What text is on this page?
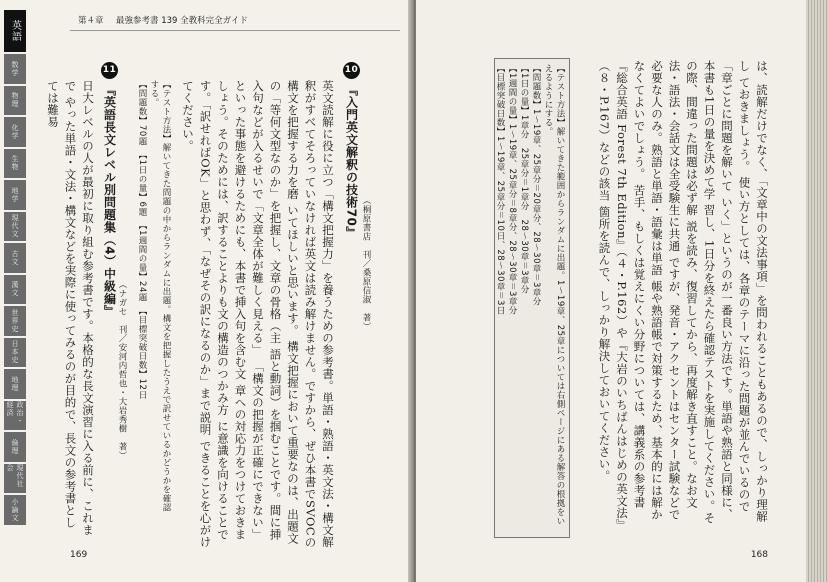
英語
数学
物理
化学
生物
地学
現代文
古文
漢文
世界史
日本史
地理
政治・経済
倫理
現代社会
小論文
第４章 最強参考書 139 全教科完全ガイド
10 『入門英文解釈の技術70』
（桐原書店　刊／桑原信淑　著）
英文読解に役に立つ「構文把握力」を養うための参考書。単語・熟語・英文法・構文解 釈がすべてそろっていなければ英文は読み解けません。ですから、ぜひ本書でSVOCの構文を把握する力を磨 いてほしいと思います。 構文把握において重要なのは、出題文の「等何文型なのか」を把握し、文章の骨格（主 語と動詞）を掴むことです。間に挿入句などが入るせいで「文章全体が難しく見える」 「構文の把握が正確にできない」といった事態を避けるためにも、本書で挿入句を含む文 章への対応力をつけておきましょう。そのためには、訳することよりも文の構造のつかみ方 に意識を向けることです。「訳せればOK」と思わず、「なぜその訳になるのか」まで説明 できることを心がけてください。
【テスト方法】解いてきた問題の中からランダムに出題。構文を把握したうえで訳せているかどうかを確認する。
【問題数】70題　【1日の量】6題　【1週間の量】24題　【目標突破日数】12日
11 『英語長文レベル別問題集（4）中級編』
（ナガセ　刊／安河内哲也・大岩秀樹　著）
日大レベルの人が最初に取り組む参考書です。本格的な長文演習に入る前に、これまで やった単語・文法・構文などを実際に使ってみるのが目的で、長文の参考書としては難易
169
は、読解だけでなく、「文章中の文法事項」を問われることもあるので、しっかり理解し ておきましょう。 使い方としては、各章のテーマに沿った問題が並んでいるので「章ごとに問題を解いて いく」というのが一番良い方法です。単語や熟語と同様に、本書も1日の量を決めて学 習し、1日分を終えたら確認テストを実施してください。その際、間違った問題は必ず解 説を読み、復習してから、再度解き直すこと。なお文法・語法・会話文は全受験生に共通 ですが、発音・アクセントはセンター試験などで必要な人のみ。熟語と単語・語彙は単語 帳や熟語帳で対策するため、基本的には解かなくてよいでしょう。 苦手、もしくは覚えにくい分野については、講義系の参考書『総合英語 Forest 7th Edition』（４・P.162）や『大岩のいちばんはじめの英文法』（８・P.167）などの該当 箇所を読んで、しっかり解決しておいてください。
【テスト方法】解いてきた範囲からランダムに出題。1〜19章、25章については右側ページにある解答の根拠をいえるようにする。
【問題数】1〜19章、25章分＝20章分、28〜30章＝3章分
【1日の量】1章分　25章分＝1章分　28〜30章＝3章分
【1週間の量】1〜19章、25章分＝8章分、28〜30章＝3章分
【目標突破日数】1〜19章、25章分＝10日、28〜30章＝3日
168
